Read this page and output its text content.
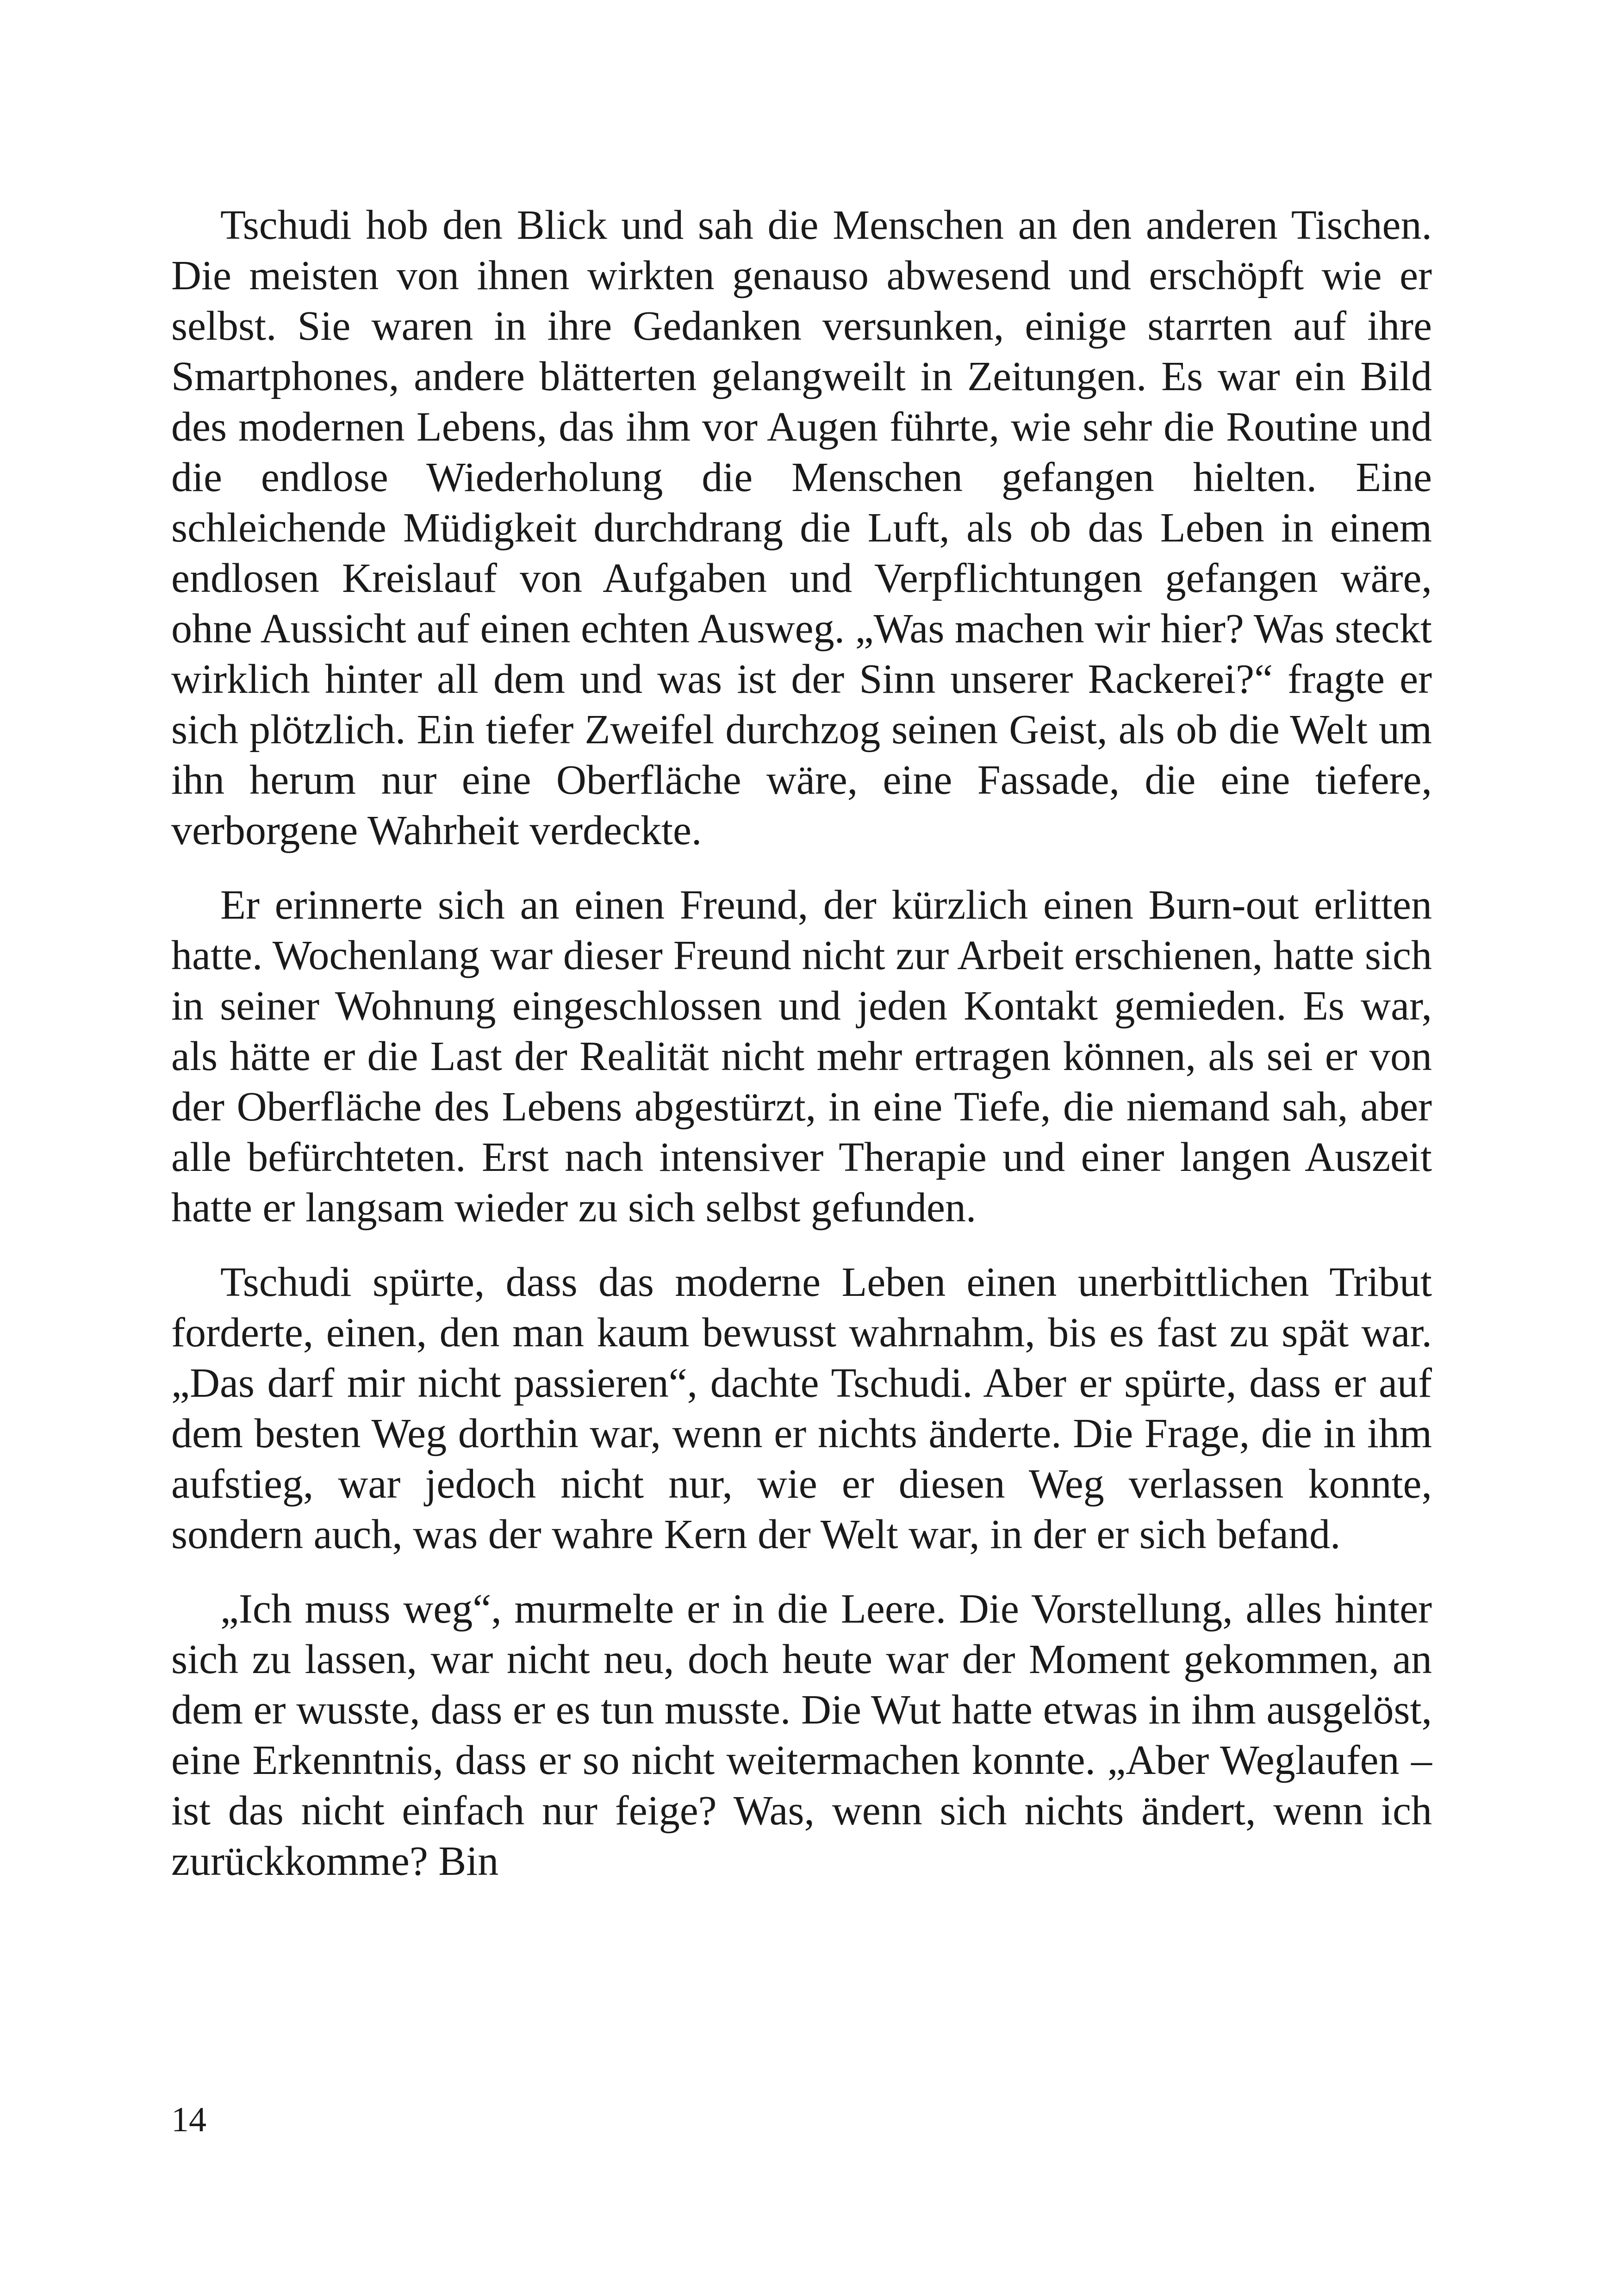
Tschudi hob den Blick und sah die Menschen an den anderen Tischen. Die meisten von ihnen wirkten genauso abwesend und erschöpft wie er selbst. Sie waren in ihre Gedanken versunken, einige starrten auf ihre Smartphones, andere blätterten gelangweilt in Zeitungen. Es war ein Bild des modernen Lebens, das ihm vor Augen führte, wie sehr die Routine und die endlose Wiederholung die Menschen gefangen hielten. Eine schleichende Müdigkeit durchdrang die Luft, als ob das Leben in einem endlosen Kreislauf von Aufgaben und Verpflichtungen gefangen wäre, ohne Aussicht auf einen echten Ausweg. „Was machen wir hier? Was steckt wirklich hinter all dem und was ist der Sinn unserer Rackerei?“ fragte er sich plötzlich. Ein tiefer Zweifel durchzog seinen Geist, als ob die Welt um ihn herum nur eine Oberfläche wäre, eine Fassade, die eine tiefere, verborgene Wahrheit verdeckte.

Er erinnerte sich an einen Freund, der kürzlich einen Burn-out erlitten hatte. Wochenlang war dieser Freund nicht zur Arbeit erschienen, hatte sich in seiner Wohnung eingeschlossen und jeden Kontakt gemieden. Es war, als hätte er die Last der Realität nicht mehr ertragen können, als sei er von der Oberfläche des Lebens abgestürzt, in eine Tiefe, die niemand sah, aber alle befürchteten. Erst nach intensiver Therapie und einer langen Auszeit hatte er langsam wieder zu sich selbst gefunden.

Tschudi spürte, dass das moderne Leben einen unerbittlichen Tribut forderte, einen, den man kaum bewusst wahrnahm, bis es fast zu spät war. „Das darf mir nicht passieren“, dachte Tschudi. Aber er spürte, dass er auf dem besten Weg dorthin war, wenn er nichts änderte. Die Frage, die in ihm aufstieg, war jedoch nicht nur, wie er diesen Weg verlassen konnte, sondern auch, was der wahre Kern der Welt war, in der er sich befand.

„Ich muss weg“, murmelte er in die Leere. Die Vorstellung, alles hinter sich zu lassen, war nicht neu, doch heute war der Moment gekommen, an dem er wusste, dass er es tun musste. Die Wut hatte etwas in ihm ausgelöst, eine Erkenntnis, dass er so nicht weitermachen konnte. „Aber Weglaufen – ist das nicht einfach nur feige? Was, wenn sich nichts ändert, wenn ich zurückkomme? Bin

14
